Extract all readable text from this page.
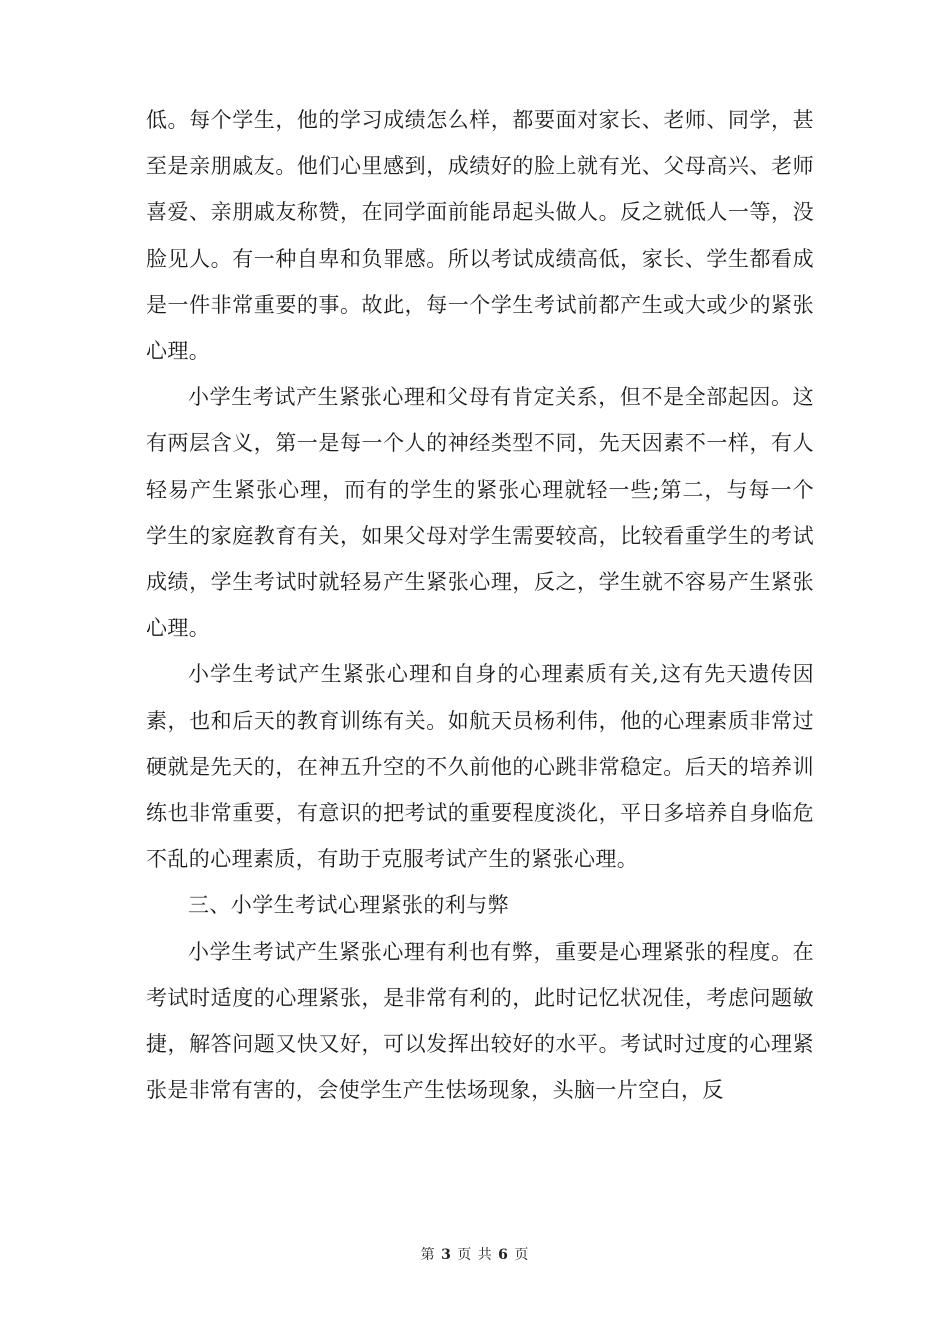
低。每个学生，他的学习成绩怎么样，都要面对家长、老师、同学，甚至是亲朋戚友。他们心里感到，成绩好的脸上就有光、父母高兴、老师喜爱、亲朋戚友称赞，在同学面前能昂起头做人。反之就低人一等，没脸见人。有一种自卑和负罪感。所以考试成绩高低，家长、学生都看成是一件非常重要的事。故此，每一个学生考试前都产生或大或少的紧张心理。

小学生考试产生紧张心理和父母有肯定关系，但不是全部起因。这有两层含义，第一是每一个人的神经类型不同，先天因素不一样，有人轻易产生紧张心理，而有的学生的紧张心理就轻一些;第二，与每一个学生的家庭教育有关，如果父母对学生需要较高，比较看重学生的考试成绩，学生考试时就轻易产生紧张心理，反之，学生就不容易产生紧张心理。

小学生考试产生紧张心理和自身的心理素质有关,这有先天遗传因素，也和后天的教育训练有关。如航天员杨利伟，他的心理素质非常过硬就是先天的，在神五升空的不久前他的心跳非常稳定。后天的培养训练也非常重要，有意识的把考试的重要程度淡化，平日多培养自身临危不乱的心理素质，有助于克服考试产生的紧张心理。

三、小学生考试心理紧张的利与弊

小学生考试产生紧张心理有利也有弊，重要是心理紧张的程度。在考试时适度的心理紧张，是非常有利的，此时记忆状况佳，考虑问题敏捷，解答问题又快又好，可以发挥出较好的水平。考试时过度的心理紧张是非常有害的，会使学生产生怯场现象，头脑一片空白，反

第 3 页 共 6 页
